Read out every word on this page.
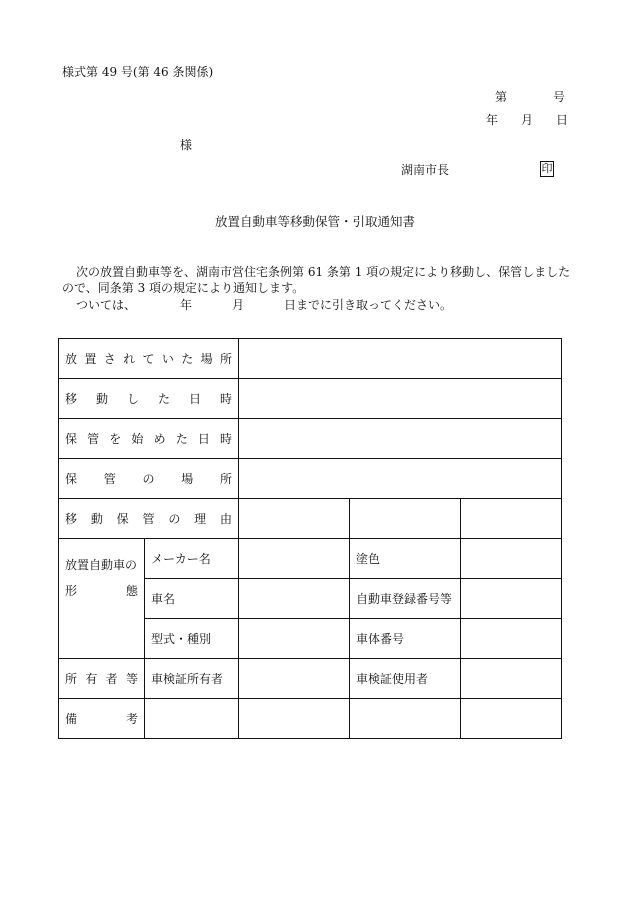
様式第 49 号(第 46 条関係)
第	号
年 月 日
様
湖南市長	印
放置自動車等移動保管・引取通知書
次の放置自動車等を、湖南市営住宅条例第 61 条第 1 項の規定により移動し、保管しました
ので、同条第 3 項の規定により通知します。
ついては、	年	月	日までに引き取ってください。
放置されていた場所				
移動した日時				
保管を始めた日時				
保管の場所				
移動保管の理由				

放置自動車の
形態	メーカー名		塗色	
	車名		自動車登録番号等	
	型式・種別		車体番号	
所有者等	車検証所有者		車検証使用者	
備考				
